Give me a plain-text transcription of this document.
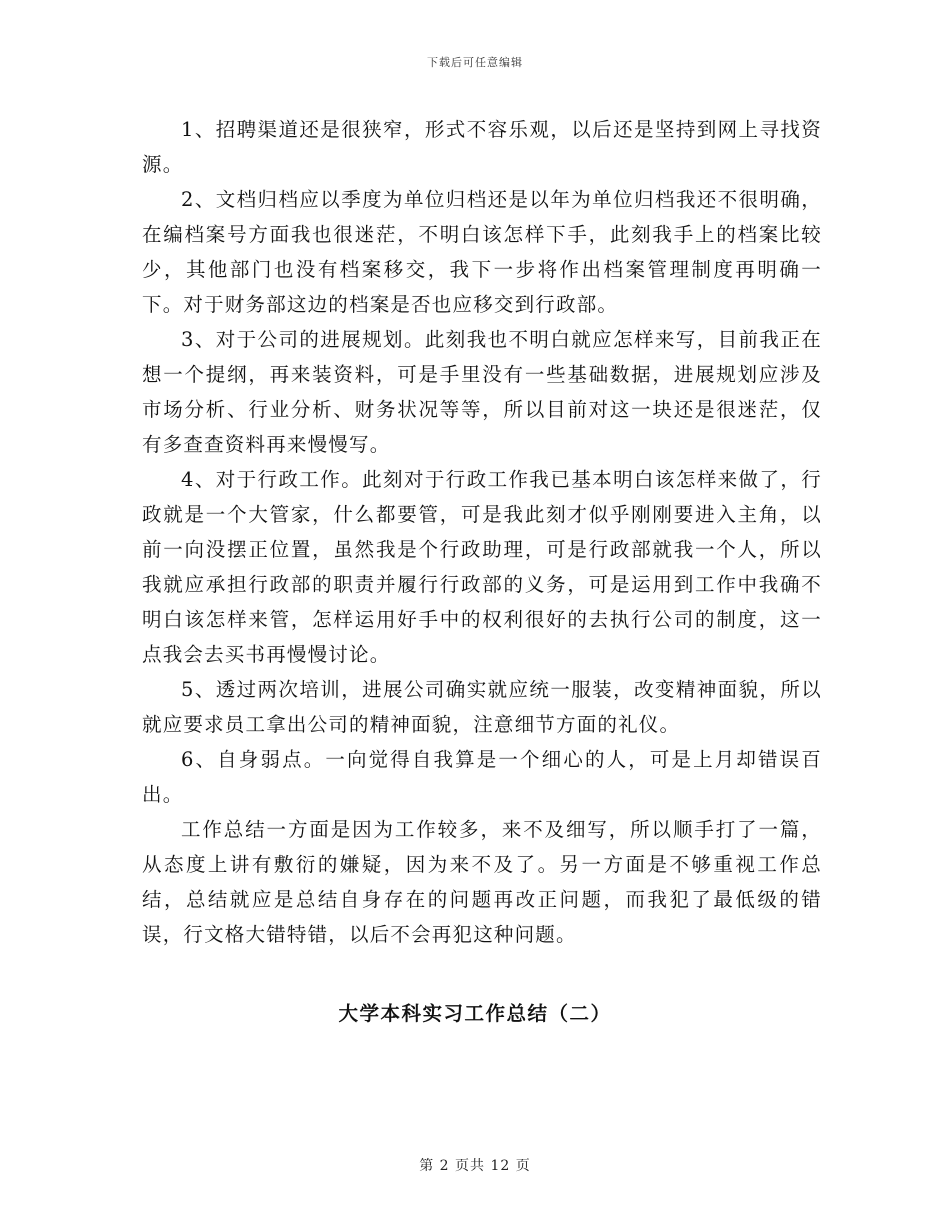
下载后可任意编辑

1、招聘渠道还是很狭窄，形式不容乐观，以后还是坚持到网上寻找资源。

2、文档归档应以季度为单位归档还是以年为单位归档我还不很明确，在编档案号方面我也很迷茫，不明白该怎样下手，此刻我手上的档案比较少，其他部门也没有档案移交，我下一步将作出档案管理制度再明确一下。对于财务部这边的档案是否也应移交到行政部。

3、对于公司的进展规划。此刻我也不明白就应怎样来写，目前我正在想一个提纲，再来装资料，可是手里没有一些基础数据，进展规划应涉及市场分析、行业分析、财务状况等等，所以目前对这一块还是很迷茫，仅有多查查资料再来慢慢写。

4、对于行政工作。此刻对于行政工作我已基本明白该怎样来做了，行政就是一个大管家，什么都要管，可是我此刻才似乎刚刚要进入主角，以前一向没摆正位置，虽然我是个行政助理，可是行政部就我一个人，所以我就应承担行政部的职责并履行行政部的义务，可是运用到工作中我确不明白该怎样来管，怎样运用好手中的权利很好的去执行公司的制度，这一点我会去买书再慢慢讨论。

5、透过两次培训，进展公司确实就应统一服装，改变精神面貌，所以就应要求员工拿出公司的精神面貌，注意细节方面的礼仪。

6、自身弱点。一向觉得自我算是一个细心的人，可是上月却错误百出。

工作总结一方面是因为工作较多，来不及细写，所以顺手打了一篇，从态度上讲有敷衍的嫌疑，因为来不及了。另一方面是不够重视工作总结，总结就应是总结自身存在的问题再改正问题，而我犯了最低级的错误，行文格大错特错，以后不会再犯这种问题。

大学本科实习工作总结（二）
第 2 页共 12 页
